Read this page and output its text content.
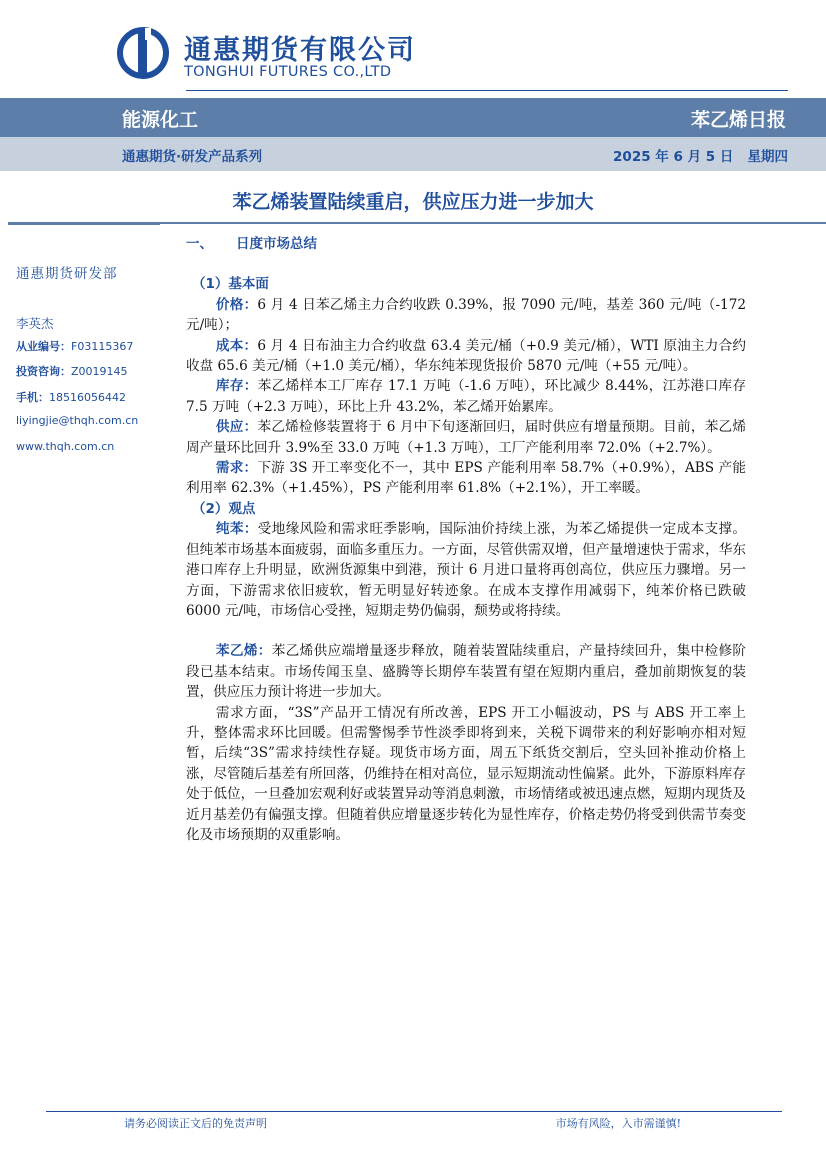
通惠期货有限公司
TONGHUI FUTURES CO.,LTD
能源化工	苯乙烯日报
通惠期货·研发产品系列	2025 年 6 月 5 日   星期四
苯乙烯装置陆续重启，供应压力进一步加大
通惠期货研发部
李英杰
从业编号：F03115367
投资咨询：Z0019145
手机：18516056442
liyingjie@thqh.com.cn
www.thqh.com.cn
一、 日度市场总结
（1）基本面

价格：6 月 4 日苯乙烯主力合约收跌 0.39%，报 7090 元/吨，基差 360 元/吨（-172 元/吨）；

成本：6 月 4 日布油主力合约收盘 63.4 美元/桶（+0.9 美元/桶），WTI 原油主力合约收盘 65.6 美元/桶（+1.0 美元/桶），华东纯苯现货报价 5870 元/吨（+55 元/吨）。

库存：苯乙烯样本工厂库存 17.1 万吨（-1.6 万吨），环比减少 8.44%，江苏港口库存 7.5 万吨（+2.3 万吨），环比上升 43.2%，苯乙烯开始累库。

供应：苯乙烯检修装置将于 6 月中下旬逐渐回归，届时供应有增量预期。目前，苯乙烯周产量环比回升 3.9%至 33.0 万吨（+1.3 万吨），工厂产能利用率 72.0%（+2.7%）。

需求：下游 3S 开工率变化不一，其中 EPS 产能利用率 58.7%（+0.9%），ABS 产能利用率 62.3%（+1.45%），PS 产能利用率 61.8%（+2.1%），开工率暖。

（2）观点

纯苯：受地缘风险和需求旺季影响，国际油价持续上涨，为苯乙烯提供一定成本支撑。但纯苯市场基本面疲弱，面临多重压力。一方面，尽管供需双增，但产量增速快于需求，华东港口库存上升明显，欧洲货源集中到港，预计 6 月进口量将再创高位，供应压力骤增。另一方面，下游需求依旧疲软，暂无明显好转迹象。在成本支撑作用减弱下，纯苯价格已跌破 6000 元/吨，市场信心受挫，短期走势仍偏弱，颓势或将持续。

苯乙烯：苯乙烯供应端增量逐步释放，随着装置陆续重启，产量持续回升，集中检修阶段已基本结束。市场传闻玉皇、盛腾等长期停车装置有望在短期内重启，叠加前期恢复的装置，供应压力预计将进一步加大。

需求方面，“3S”产品开工情况有所改善，EPS 开工小幅波动，PS 与 ABS 开工率上升，整体需求环比回暖。但需警惕季节性淡季即将到来，关税下调带来的利好影响亦相对短暂，后续“3S”需求持续性存疑。现货市场方面，周五下纸货交割后，空头回补推动价格上涨，尽管随后基差有所回落，仍维持在相对高位，显示短期流动性偏紧。此外，下游原料库存处于低位，一旦叠加宏观利好或装置异动等消息刺激，市场情绪或被迅速点燃，短期内现货及近月基差仍有偏强支撑。但随着供应增量逐步转化为显性库存，价格走势仍将受到供需节奏变化及市场预期的双重影响。

请务必阅读正文后的免责声明	市场有风险，入市需谨慎!
